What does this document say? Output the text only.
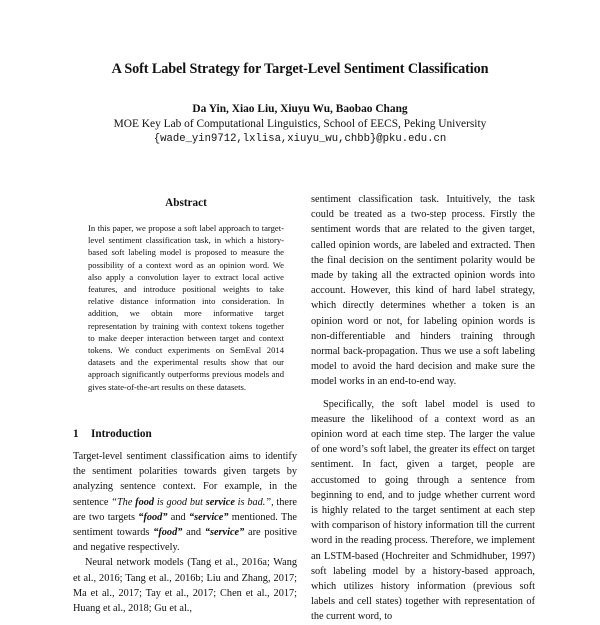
A Soft Label Strategy for Target-Level Sentiment Classification
Da Yin, Xiao Liu, Xiuyu Wu, Baobao Chang
MOE Key Lab of Computational Linguistics, School of EECS, Peking University
{wade_yin9712,lxlisa,xiuyu_wu,chbb}@pku.edu.cn
Abstract
In this paper, we propose a soft label approach to target-level sentiment classification task, in which a history-based soft labeling model is proposed to measure the possibility of a context word as an opinion word. We also apply a convolution layer to extract local active features, and introduce positional weights to take relative distance information into consideration. In addition, we obtain more informative target representation by training with context tokens together to make deeper interaction between target and context tokens. We conduct experiments on SemEval 2014 datasets and the experimental results show that our approach significantly outperforms previous models and gives state-of-the-art results on these datasets.
1 Introduction

Target-level sentiment classification aims to identify the sentiment polarities towards given targets by analyzing sentence context. For example, in the sentence “The food is good but service is bad.”, there are two targets “food” and “service” mentioned. The sentiment towards “food” and “service” are positive and negative respectively.

Neural network models (Tang et al., 2016a; Wang et al., 2016; Tang et al., 2016b; Liu and Zhang, 2017; Ma et al., 2017; Tay et al., 2017; Chen et al., 2017; Huang et al., 2018; Gu et al.,

sentiment classification task. Intuitively, the task could be treated as a two-step process. Firstly the sentiment words that are related to the given target, called opinion words, are labeled and extracted. Then the final decision on the sentiment polarity would be made by taking all the extracted opinion words into account. However, this kind of hard label strategy, which directly determines whether a token is an opinion word or not, for labeling opinion words is non-differentiable and hinders training through normal back-propagation. Thus we use a soft labeling model to avoid the hard decision and make sure the model works in an end-to-end way.

Specifically, the soft label model is used to measure the likelihood of a context word as an opinion word at each time step. The larger the value of one word’s soft label, the greater its effect on target sentiment. In fact, given a target, people are accustomed to going through a sentence from beginning to end, and to judge whether current word is highly related to the target sentiment at each step with comparison of history information till the current word in the reading process. Therefore, we implement an LSTM-based (Hochreiter and Schmidhuber, 1997) soft labeling model by a history-based approach, which utilizes history information (previous soft labels and cell states) together with representation of the current word, to
